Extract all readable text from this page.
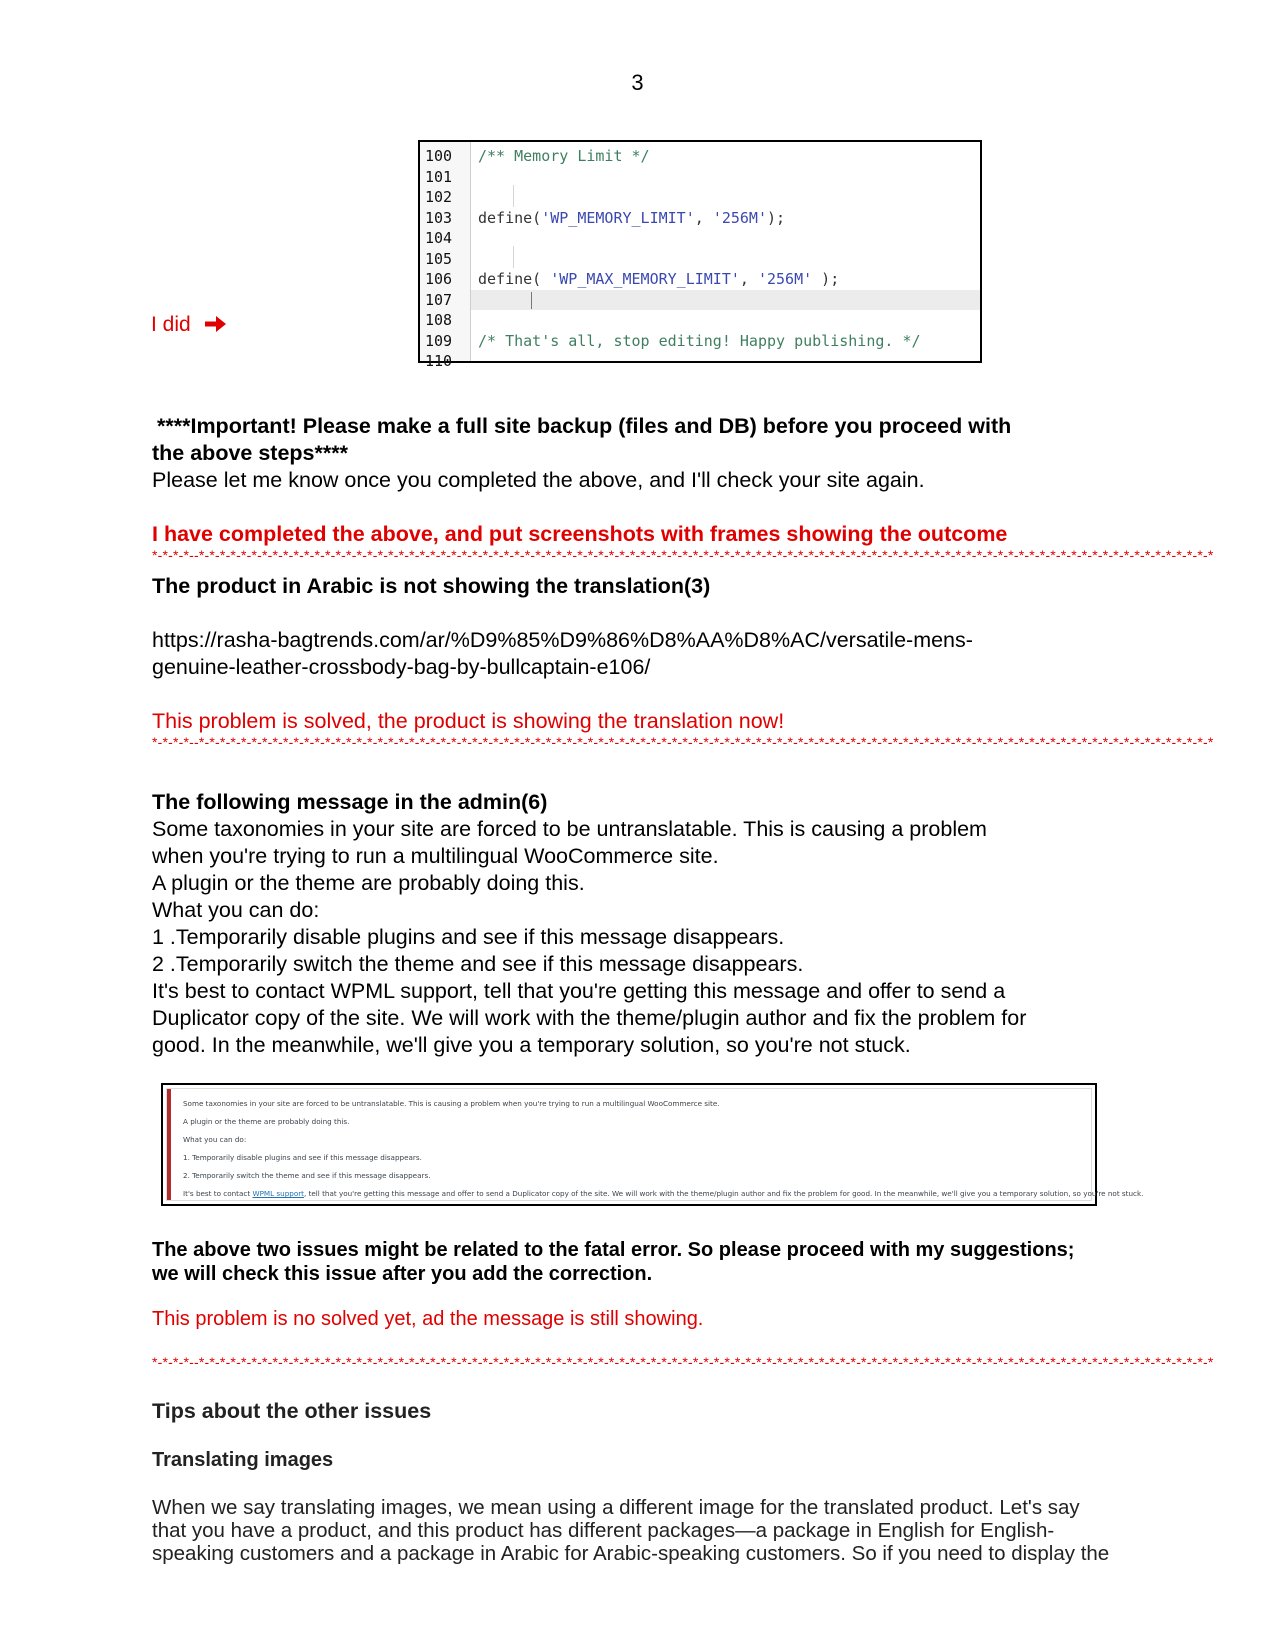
3
100 /** Memory Limit */
101
102
103 define('WP_MEMORY_LIMIT', '256M');
104
105
106 define( 'WP_MAX_MEMORY_LIMIT', '256M' );
107
108
109 /* That's all, stop editing! Happy publishing. */
110
I did
****Important! Please make a full site backup (files and DB) before you proceed with
the above steps****
Please let me know once you completed the above, and I'll check your site again.
I have completed the above, and put screenshots with frames showing the outcome
*-*-*-*--*-*-*-*-*-*-*-*-*-*-*-*-*-*-*-*-*-*-*-*-*-*-*-*-*-*-*-*-*-*-*-*-*-*-*-*-*-*-*-*-*-*-*-*-*-*-*-*-*-*-*-*-*-*-*-*-*-*-*-*-*-*-*-*-*-*-*-*-*-*-*-*-*-*-*-*-*-*-*-*-*-*-*-*-*-*-*-*-*-*-*-*-*-*-*-*-*
The product in Arabic is not showing the translation(3)
https://rasha-bagtrends.com/ar/%D9%85%D9%86%D8%AA%D8%AC/versatile-mens-
genuine-leather-crossbody-bag-by-bullcaptain-e106/
This problem is solved, the product is showing the translation now!
*-*-*-*--*-*-*-*-*-*-*-*-*-*-*-*-*-*-*-*-*-*-*-*-*-*-*-*-*-*-*-*-*-*-*-*-*-*-*-*-*-*-*-*-*-*-*-*-*-*-*-*-*-*-*-*-*-*-*-*-*-*-*-*-*-*-*-*-*-*-*-*-*-*-*-*-*-*-*-*-*-*-*-*-*-*-*-*-*-*-*-*-*-*-*-*-*-*-*-*-*
The following message in the admin(6)
Some taxonomies in your site are forced to be untranslatable. This is causing a problem
when you're trying to run a multilingual WooCommerce site.
A plugin or the theme are probably doing this.
What you can do:
1 .Temporarily disable plugins and see if this message disappears.
2 .Temporarily switch the theme and see if this message disappears.
It's best to contact WPML support, tell that you're getting this message and offer to send a
Duplicator copy of the site. We will work with the theme/plugin author and fix the problem for
good. In the meanwhile, we'll give you a temporary solution, so you're not stuck.
Some taxonomies in your site are forced to be untranslatable. This is causing a problem when you're trying to run a multilingual WooCommerce site.
A plugin or the theme are probably doing this.
What you can do:
1. Temporarily disable plugins and see if this message disappears.
2. Temporarily switch the theme and see if this message disappears.
It's best to contact WPML support, tell that you're getting this message and offer to send a Duplicator copy of the site. We will work with the theme/plugin author and fix the problem for good. In the meanwhile, we'll give you a temporary solution, so you're not stuck.
The above two issues might be related to the fatal error. So please proceed with my suggestions;
we will check this issue after you add the correction.
This problem is no solved yet, ad the message is still showing.
*-*-*-*--*-*-*-*-*-*-*-*-*-*-*-*-*-*-*-*-*-*-*-*-*-*-*-*-*-*-*-*-*-*-*-*-*-*-*-*-*-*-*-*-*-*-*-*-*-*-*-*-*-*-*-*-*-*-*-*-*-*-*-*-*-*-*-*-*-*-*-*-*-*-*-*-*-*-*-*-*-*-*-*-*-*-*-*-*-*-*-*-*-*-*-*-*-*-*-*-*
Tips about the other issues
Translating images
When we say translating images, we mean using a different image for the translated product. Let's say
that you have a product, and this product has different packages—a package in English for English-
speaking customers and a package in Arabic for Arabic-speaking customers. So if you need to display the
